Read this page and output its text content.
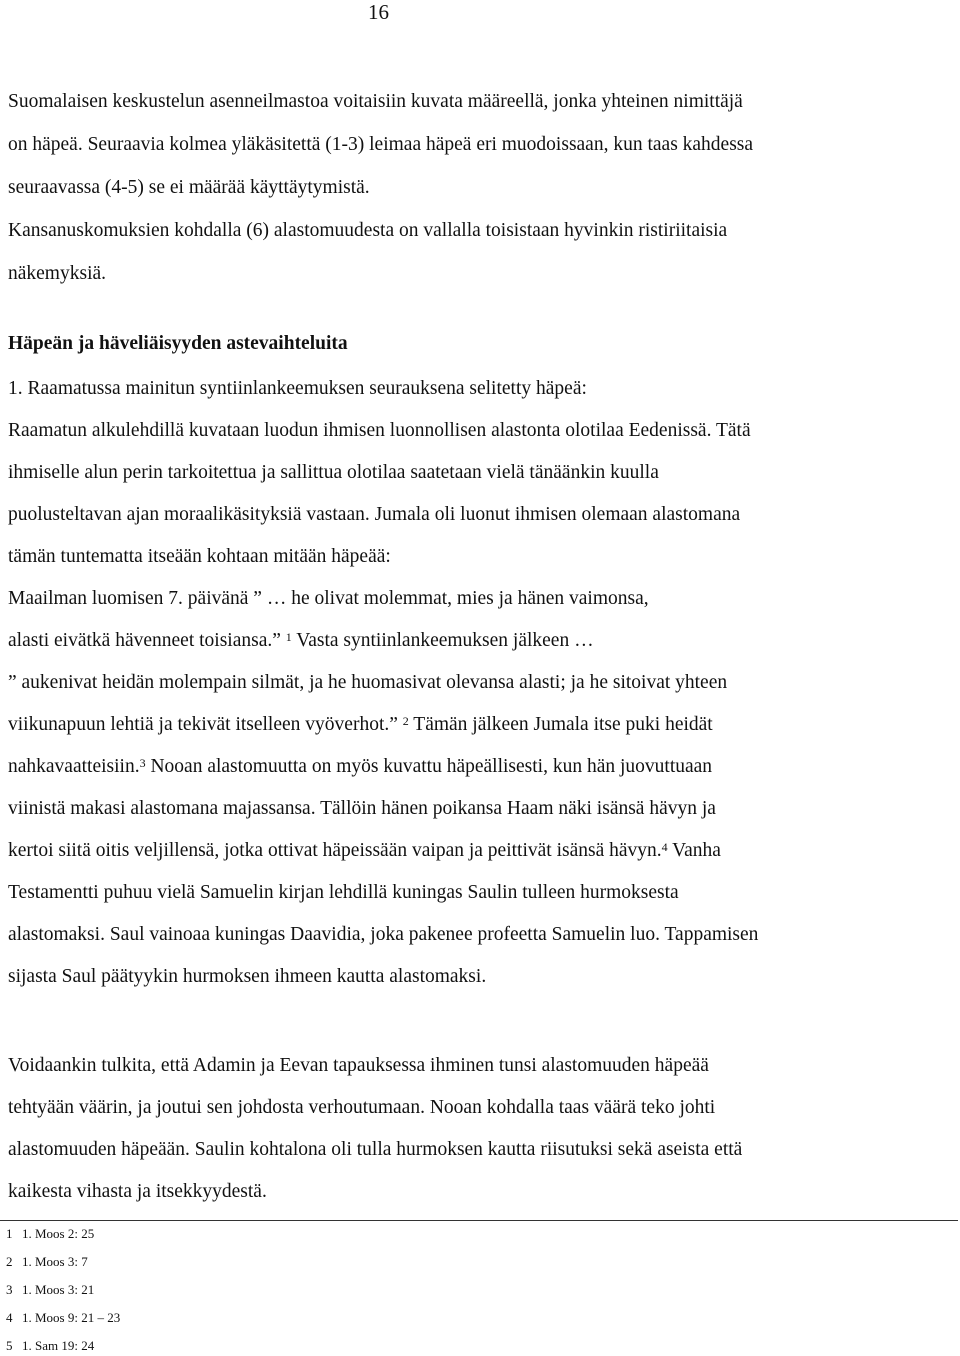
16
Suomalaisen keskustelun asenneilmastoa voitaisiin kuvata määreellä, jonka yhteinen nimittäjä
on häpeä. Seuraavia kolmea yläkäsitettä (1-3) leimaa häpeä eri muodoissaan, kun taas kahdessa
seuraavassa (4-5) se ei määrää käyttäytymistä.
Kansanuskomuksien kohdalla (6) alastomuudesta on vallalla toisistaan hyvinkin ristiriitaisia
näkemyksiä.
Häpeän ja häveliäisyyden astevaihteluita
1. Raamatussa mainitun syntiinlankeemuksen seurauksena selitetty häpeä:
Raamatun alkulehdillä kuvataan luodun ihmisen luonnollisen alastonta olotilaa Eedenissä. Tätä
ihmiselle alun perin tarkoitettua ja sallittua olotilaa saatetaan vielä tänäänkin kuulla
puolusteltavan ajan moraalikäsityksiä vastaan. Jumala oli luonut ihmisen olemaan alastomana
tämän tuntematta itseään kohtaan mitään häpeää:
Maailman luomisen 7. päivänä ” … he olivat molemmat, mies ja hänen vaimonsa,
alasti eivätkä hävenneet toisiansa.” $^1$ Vasta syntiinlankeemuksen jälkeen …
” aukenivat heidän molempain silmät, ja he huomasivat olevansa alasti; ja he sitoivat yhteen
viikunapuun lehtiä ja tekivät itselleen vyöverhot.” $^2$ Tämän jälkeen Jumala itse puki heidät
nahkavaatteisiin.$^3$ Nooan alastomuutta on myös kuvattu häpeällisesti, kun hän juovuttuaan
viinistä makasi alastomana majassansa. Tällöin hänen poikansa Haam näki isänsä hävyn ja
kertoi siitä oitis veljillensä, jotka ottivat häpeissään vaipan ja peittivät isänsä hävyn.$^4$ Vanha
Testamentti puhuu vielä Samuelin kirjan lehdillä kuningas Saulin tulleen hurmoksesta
alastomaksi. Saul vainoaa kuningas Daavidia, joka pakenee profeetta Samuelin luo. Tappamisen
sijasta Saul päätyykin hurmoksen ihmeen kautta alastomaksi.
Voidaankin tulkita, että Adamin ja Eevan tapauksessa ihminen tunsi alastomuuden häpeää
tehtyään väärin, ja joutui sen johdosta verhoutumaan. Nooan kohdalla taas väärä teko johti
alastomuuden häpeään. Saulin kohtalona oli tulla hurmoksen kautta riisutuksi sekä aseista että
kaikesta vihasta ja itsekkyydestä.
1 1. Moos 2: 25
2 1. Moos 3: 7
3 1. Moos 3: 21
4 1. Moos 9: 21 – 23
5 1. Sam 19: 24
